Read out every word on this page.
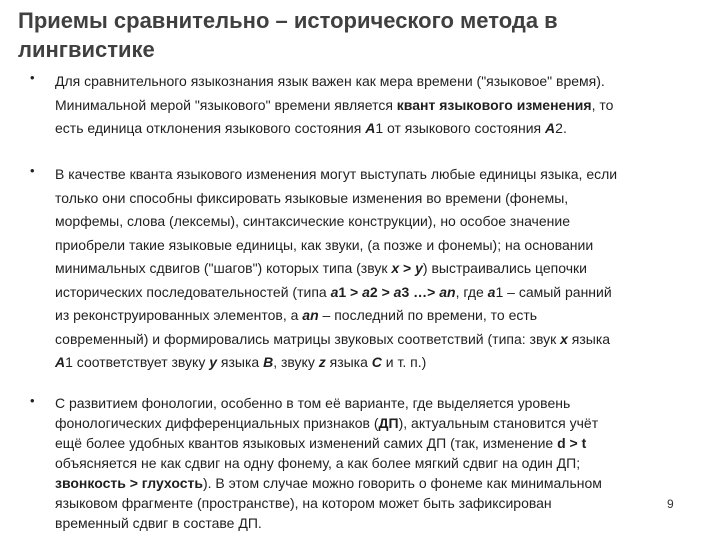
Приемы сравнительно – исторического метода в лингвистике
• Для сравнительного языкознания язык важен как мера времени ("языковое" время).
Минимальной мерой "языкового" времени является квант языкового изменения, то
есть единица отклонения языкового состояния А1 от языкового состояния А2.
• В качестве кванта языкового изменения могут выступать любые единицы языка, если
только они способны фиксировать языковые изменения во времени (фонемы,
морфемы, слова (лексемы), синтаксические конструкции), но особое значение
приобрели такие языковые единицы, как звуки, (а позже и фонемы); на основании
минимальных сдвигов ("шагов") которых типа (звук x > y) выстраивались цепочки
исторических последовательностей (типа a1 > a2 > a3 …> an, где a1 – самый ранний
из реконструированных элементов, а an – последний по времени, то есть
современный) и формировались матрицы звуковых соответствий (типа: звук x языка
А1 соответствует звуку y языка В, звуку z языка С и т. п.)
• С развитием фонологии, особенно в том её варианте, где выделяется уровень
фонологических дифференциальных признаков (ДП), актуальным становится учёт
ещё более удобных квантов языковых изменений самих ДП (так, изменение d > t
объясняется не как сдвиг на одну фонему, а как более мягкий сдвиг на один ДП;
звонкость > глухость). В этом случае можно говорить о фонеме как минимальном
языковом фрагменте (пространстве), на котором может быть зафиксирован
временный сдвиг в составе ДП.
9
